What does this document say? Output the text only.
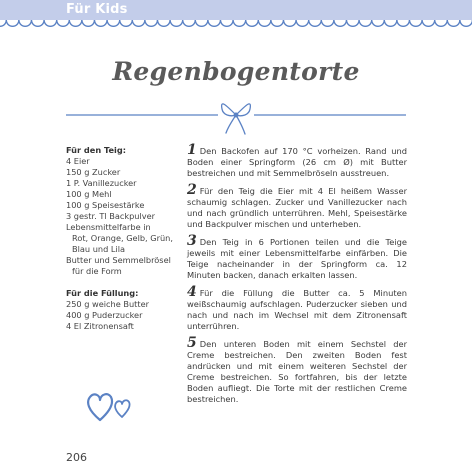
Für Kids
Regenbogentorte
Für den Teig:
4 Eier
150 g Zucker
1 P. Vanillezucker
100 g Mehl
100 g Speisestärke
3 gestr. Tl Backpulver
Lebensmittelfarbe in
Rot, Orange, Gelb, Grün,
Blau und Lila
Butter und Semmelbrösel
für die Form
Für die Füllung:
250 g weiche Butter
400 g Puderzucker
4 El Zitronensaft

1 Den Backofen auf 170 °C vorheizen. Rand und Boden einer Springform (26 cm Ø) mit Butter bestreichen und mit Semmelbröseln ausstreuen.

2 Für den Teig die Eier mit 4 El heißem Wasser schaumig schlagen. Zucker und Vanillezucker nach und nach gründlich unterrühren. Mehl, Speisestärke und Backpulver mischen und unterheben.

3 Den Teig in 6 Portionen teilen und die Teige jeweils mit einer Lebensmittelfarbe einfärben. Die Teige nacheinander in der Springform ca. 12 Minuten backen, danach erkalten lassen.

4 Für die Füllung die Butter ca. 5 Minuten weißschaumig aufschlagen. Puderzucker sieben und nach und nach im Wechsel mit dem Zitronensaft unterrühren.

5 Den unteren Boden mit einem Sechstel der Creme bestreichen. Den zweiten Boden fest andrücken und mit einem weiteren Sechstel der Creme bestreichen. So fortfahren, bis der letzte Boden aufliegt. Die Torte mit der restlichen Creme bestreichen.

206
